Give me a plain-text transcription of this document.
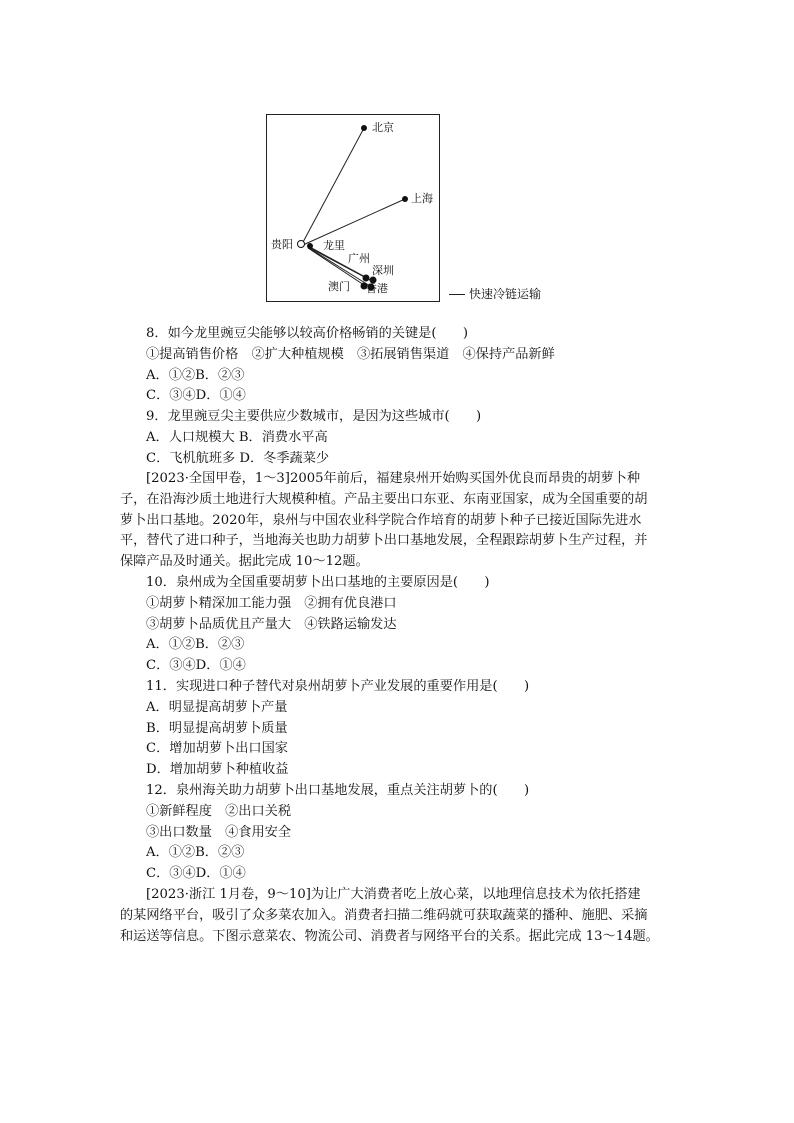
北京
上海
贵阳	龙里
广州
深圳
澳门 香港	快速冷链运输
8．如今龙里豌豆尖能够以较高价格畅销的关键是(　　)
①提高销售价格　②扩大种植规模　③拓展销售渠道　④保持产品新鲜
A．①②B．②③
C．③④D．①④
9．龙里豌豆尖主要供应少数城市，是因为这些城市(　　)
A．人口规模大 B．消费水平高
C．飞机航班多 D．冬季蔬菜少
[2023·全国甲卷，1～3]2005年前后，福建泉州开始购买国外优良而昂贵的胡萝卜种
子，在沿海沙质土地进行大规模种植。产品主要出口东亚、东南亚国家，成为全国重要的胡
萝卜出口基地。2020年，泉州与中国农业科学院合作培育的胡萝卜种子已接近国际先进水
平，替代了进口种子，当地海关也助力胡萝卜出口基地发展，全程跟踪胡萝卜生产过程，并
保障产品及时通关。据此完成 10～12题。
10．泉州成为全国重要胡萝卜出口基地的主要原因是(　　)
①胡萝卜精深加工能力强　②拥有优良港口
③胡萝卜品质优且产量大　④铁路运输发达
A．①②B．②③
C．③④D．①④
11．实现进口种子替代对泉州胡萝卜产业发展的重要作用是(　　)
A．明显提高胡萝卜产量
B．明显提高胡萝卜质量
C．增加胡萝卜出口国家
D．增加胡萝卜种植收益
12．泉州海关助力胡萝卜出口基地发展，重点关注胡萝卜的(　　)
①新鲜程度　②出口关税
③出口数量　④食用安全
A．①②B．②③
C．③④D．①④
[2023·浙江 1月卷，9～10]为让广大消费者吃上放心菜，以地理信息技术为依托搭建
的某网络平台，吸引了众多菜农加入。消费者扫描二维码就可获取蔬菜的播种、施肥、采摘
和运送等信息。下图示意菜农、物流公司、消费者与网络平台的关系。据此完成 13～14题。
